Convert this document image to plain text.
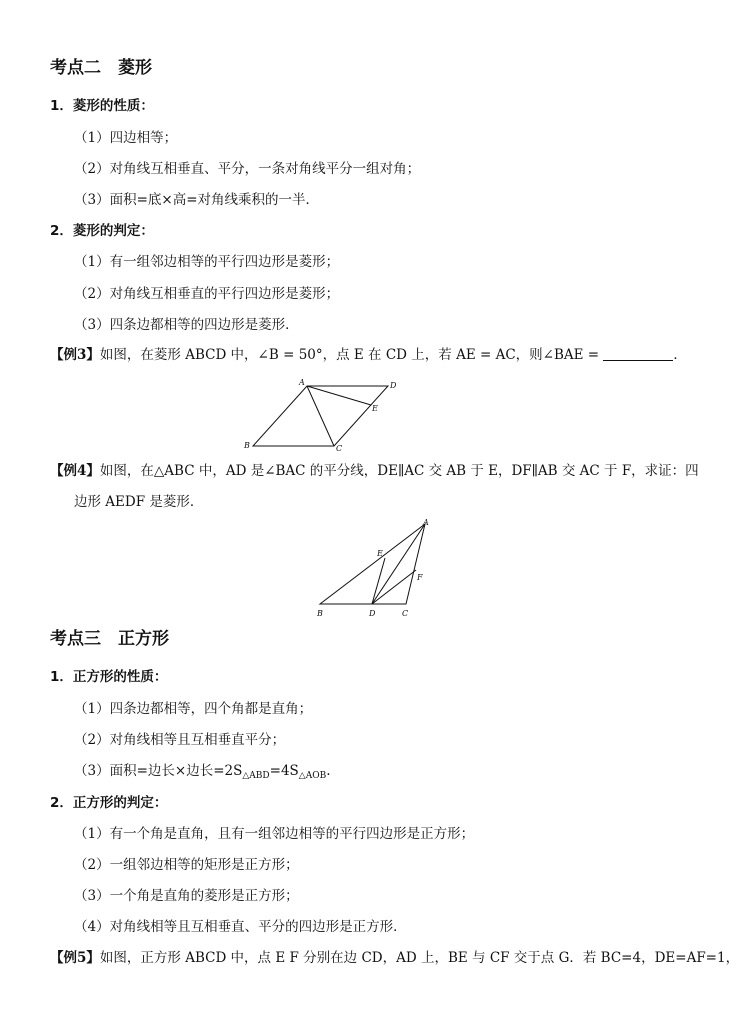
考点二　菱形
1．菱形的性质：
（1）四边相等；
（2）对角线互相垂直、平分，一条对角线平分一组对角；
（3）面积=底×高=对角线乘积的一半．
2．菱形的判定：
（1）有一组邻边相等的平行四边形是菱形；
（2）对角线互相垂直的平行四边形是菱形；
（3）四条边都相等的四边形是菱形．
【例3】如图，在菱形 ABCD 中，∠B = 50°，点 E 在 CD 上，若 AE = AC，则∠BAE =	．
A	D
E
B	C
【例4】如图，在△ABC 中，AD 是∠BAC 的平分线，DE∥AC 交 AB 于 E，DF∥AB 交 AC 于 F，求证：四
边形 AEDF 是菱形．
A
E
F
B	D	C
考点三　正方形
1．正方形的性质：
（1）四条边都相等，四个角都是直角；
（2）对角线相等且互相垂直平分；
（3）面积=边长×边长$=2S_{\triangle ABD}=4S_{\triangle AOB}$.
2．正方形的判定：
（1）有一个角是直角，且有一组邻边相等的平行四边形是正方形；
（2）一组邻边相等的矩形是正方形；
（3）一个角是直角的菱形是正方形；
（4）对角线相等且互相垂直、平分的四边形是正方形．
【例5】如图，正方形 ABCD 中，点 E F 分别在边 CD，AD 上，BE 与 CF 交于点 G．若 BC=4，DE=AF=1，
